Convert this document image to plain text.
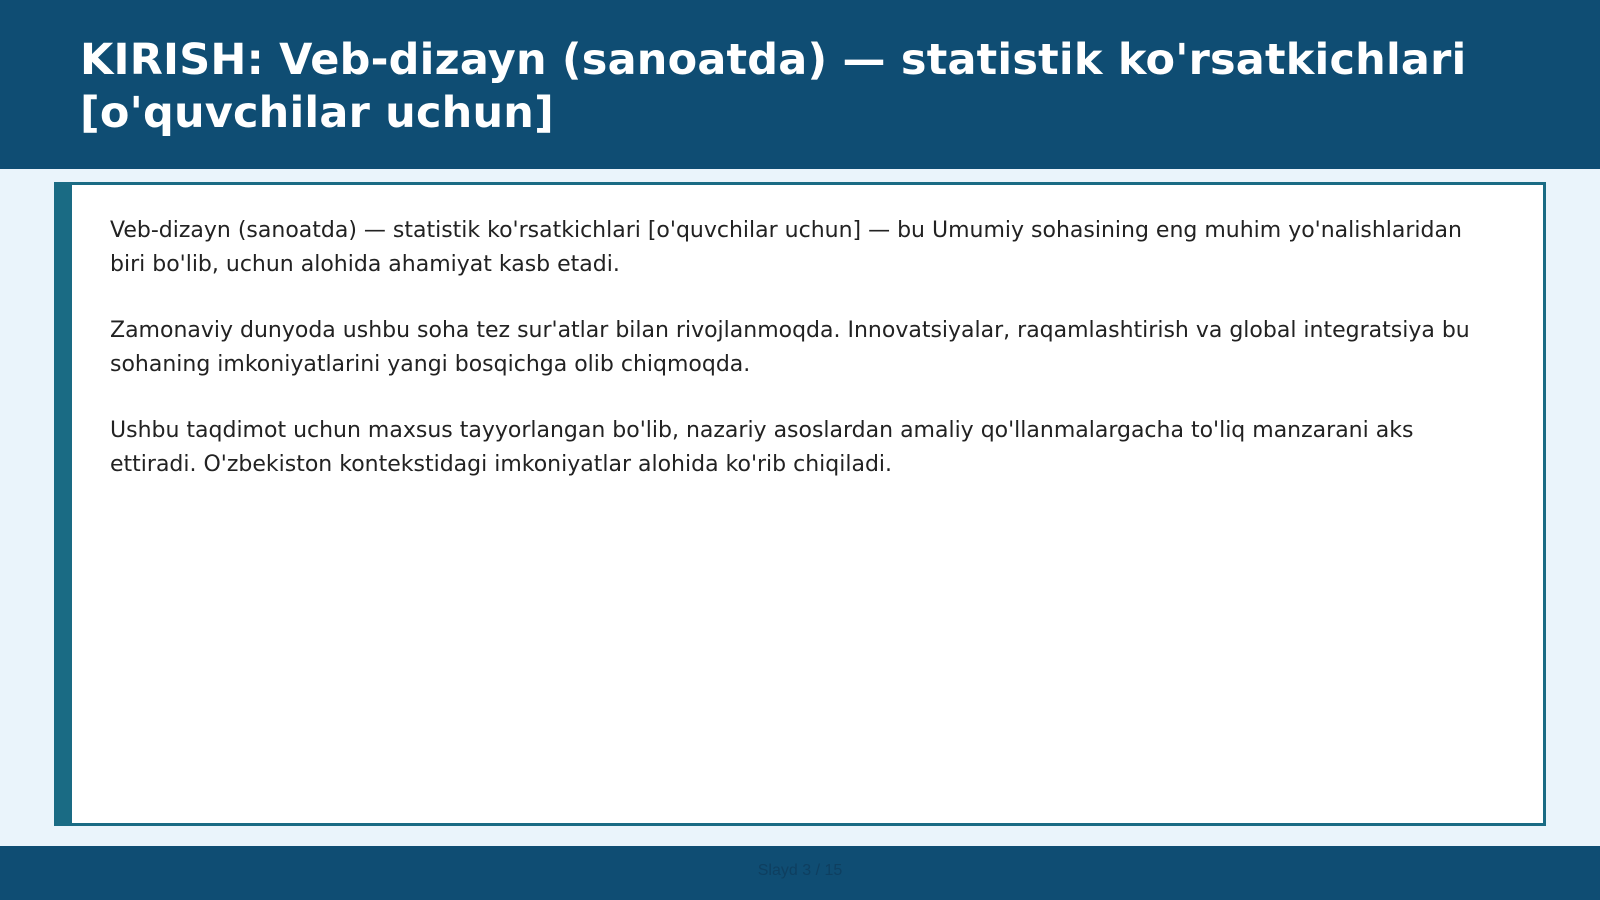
KIRISH: Veb-dizayn (sanoatda) — statistik ko'rsatkichlari [o'quvchilar uchun]

Veb-dizayn (sanoatda) — statistik ko'rsatkichlari [o'quvchilar uchun] — bu Umumiy sohasining eng muhim yo'nalishlaridan biri bo'lib, uchun alohida ahamiyat kasb etadi.

Zamonaviy dunyoda ushbu soha tez sur'atlar bilan rivojlanmoqda. Innovatsiyalar, raqamlashtirish va global integratsiya bu sohaning imkoniyatlarini yangi bosqichga olib chiqmoqda.

Ushbu taqdimot uchun maxsus tayyorlangan bo'lib, nazariy asoslardan amaliy qo'llanmalargacha to'liq manzarani aks ettiradi. O'zbekiston kontekstidagi imkoniyatlar alohida ko'rib chiqiladi.

Slayd 3 / 15
